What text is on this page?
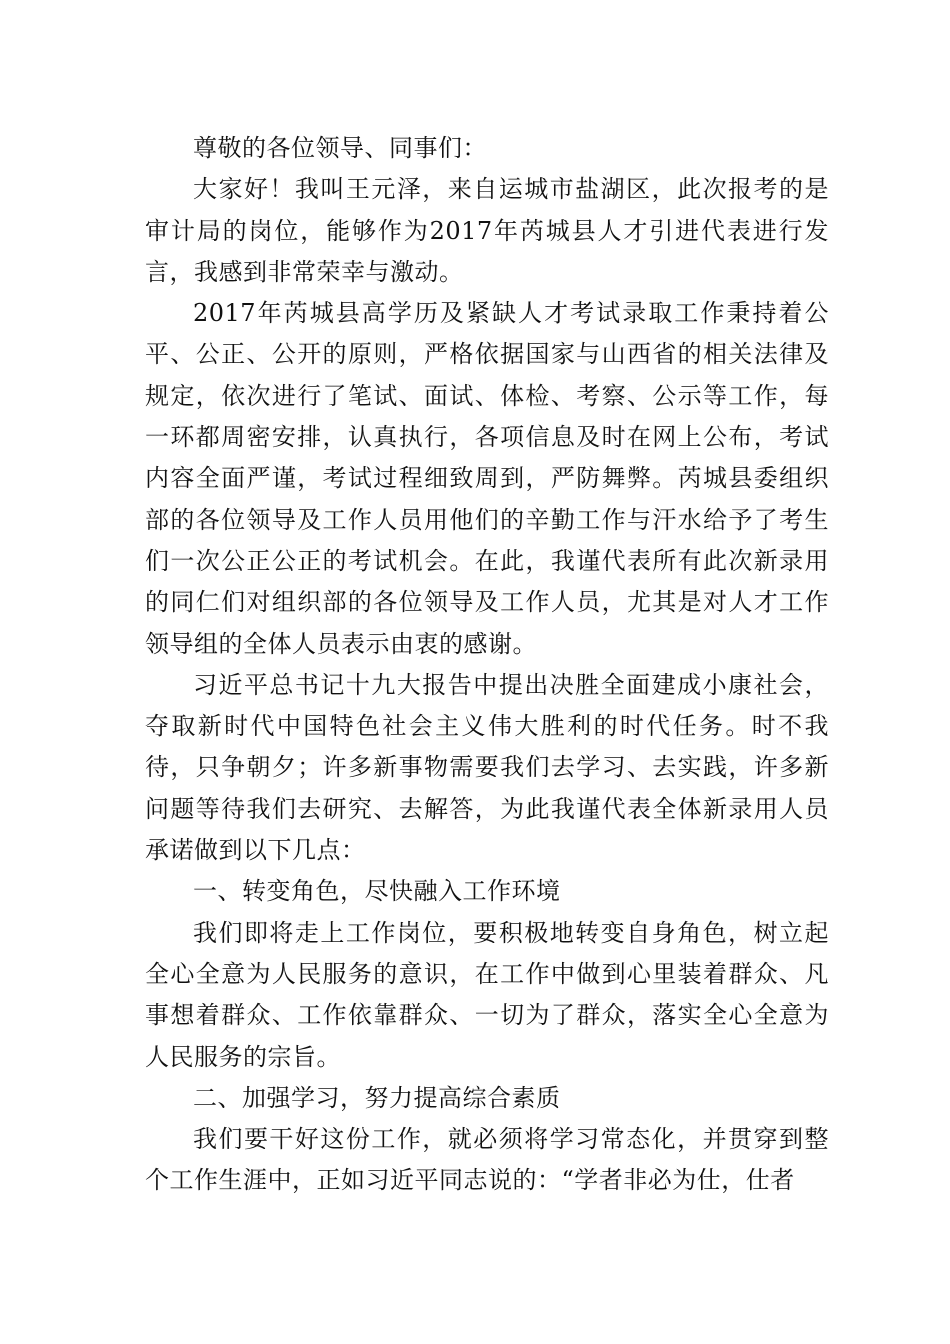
尊敬的各位领导、同事们：

大家好！我叫王元泽，来自运城市盐湖区，此次报考的是审计局的岗位，能够作为2017年芮城县人才引进代表进行发言，我感到非常荣幸与激动。

2017年芮城县高学历及紧缺人才考试录取工作秉持着公平、公正、公开的原则，严格依据国家与山西省的相关法律及规定，依次进行了笔试、面试、体检、考察、公示等工作，每一环都周密安排，认真执行，各项信息及时在网上公布，考试内容全面严谨，考试过程细致周到，严防舞弊。芮城县委组织部的各位领导及工作人员用他们的辛勤工作与汗水给予了考生们一次公正公正的考试机会。在此，我谨代表所有此次新录用的同仁们对组织部的各位领导及工作人员，尤其是对人才工作领导组的全体人员表示由衷的感谢。

习近平总书记十九大报告中提出决胜全面建成小康社会，夺取新时代中国特色社会主义伟大胜利的时代任务。时不我待，只争朝夕；许多新事物需要我们去学习、去实践，许多新问题等待我们去研究、去解答，为此我谨代表全体新录用人员承诺做到以下几点：

一、转变角色，尽快融入工作环境

我们即将走上工作岗位，要积极地转变自身角色，树立起全心全意为人民服务的意识，在工作中做到心里装着群众、凡事想着群众、工作依靠群众、一切为了群众，落实全心全意为人民服务的宗旨。

二、加强学习，努力提高综合素质

我们要干好这份工作，就必须将学习常态化，并贯穿到整个工作生涯中，正如习近平同志说的：“学者非必为仕，仕者
